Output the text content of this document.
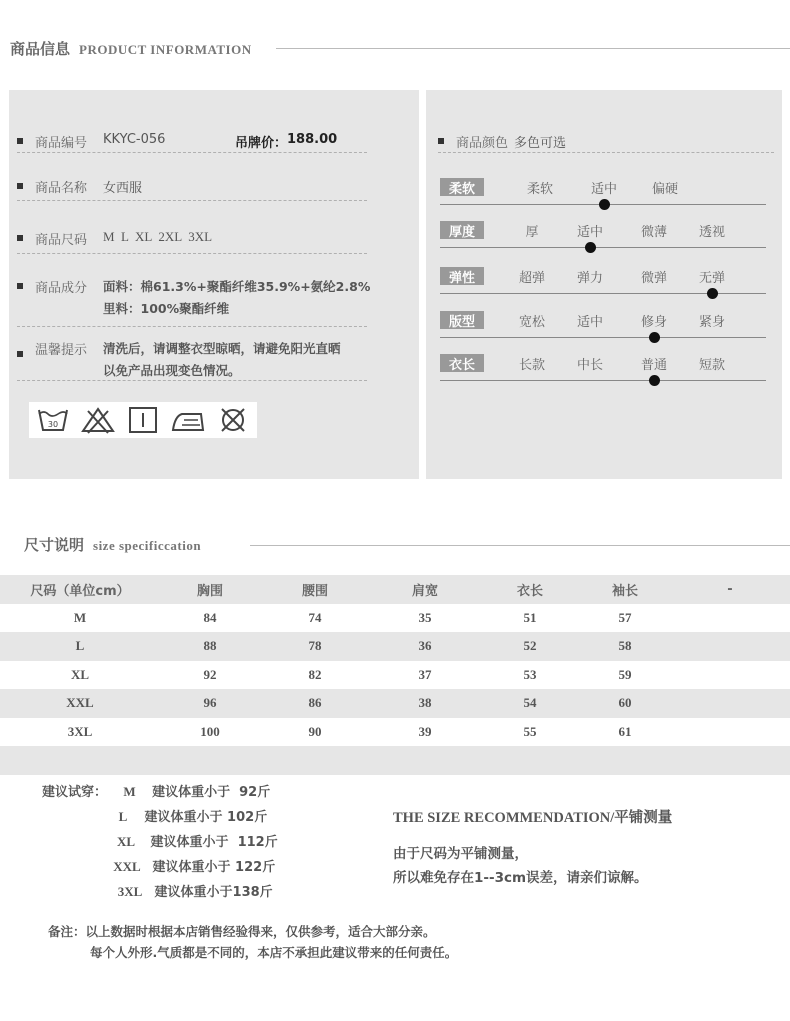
商品信息 PRODUCT INFORMATION
商品编号	KKYC-056	吊牌价： 188.00
商品名称	女西服
商品尺码	M  L  XL  2XL  3XL
商品成分	面料：棉61.3%+聚酯纤维35.9%+氨纶2.8%
里料：100%聚酯纤维
温馨提示	清洗后，请调整衣型晾晒，请避免阳光直晒
以免产品出现变色情况。
30
商品颜色 多色可选
柔软	柔软	适中	偏硬
厚度	厚	适中	微薄	透视
弹性	超弹	弹力	微弹	无弹
版型	宽松	适中	修身	紧身
衣长	长款	中长	普通	短款
尺寸说明 size specificcation
尺码（单位cm）	胸围	腰围	肩宽	衣长	袖长	-
M	84	74	35	51	57	
L	88	78	36	52	58	
XL	92	82	37	53	59	
XXL	96	86	38	54	60	
3XL	100	90	39	55	61	

建议试穿： M 建议体重小于  92斤
L 建议体重小于 102斤
XL 建议体重小于  112斤
XXL 建议体重小于 122斤
3XL 建议体重小于138斤
THE SIZE RECOMMENDATION/平铺测量
由于尺码为平铺测量，
所以难免存在1--3cm误差，请亲们谅解。
备注：以上数据时根据本店销售经验得来，仅供参考，适合大部分亲。
每个人外形.气质都是不同的，本店不承担此建议带来的任何责任。
